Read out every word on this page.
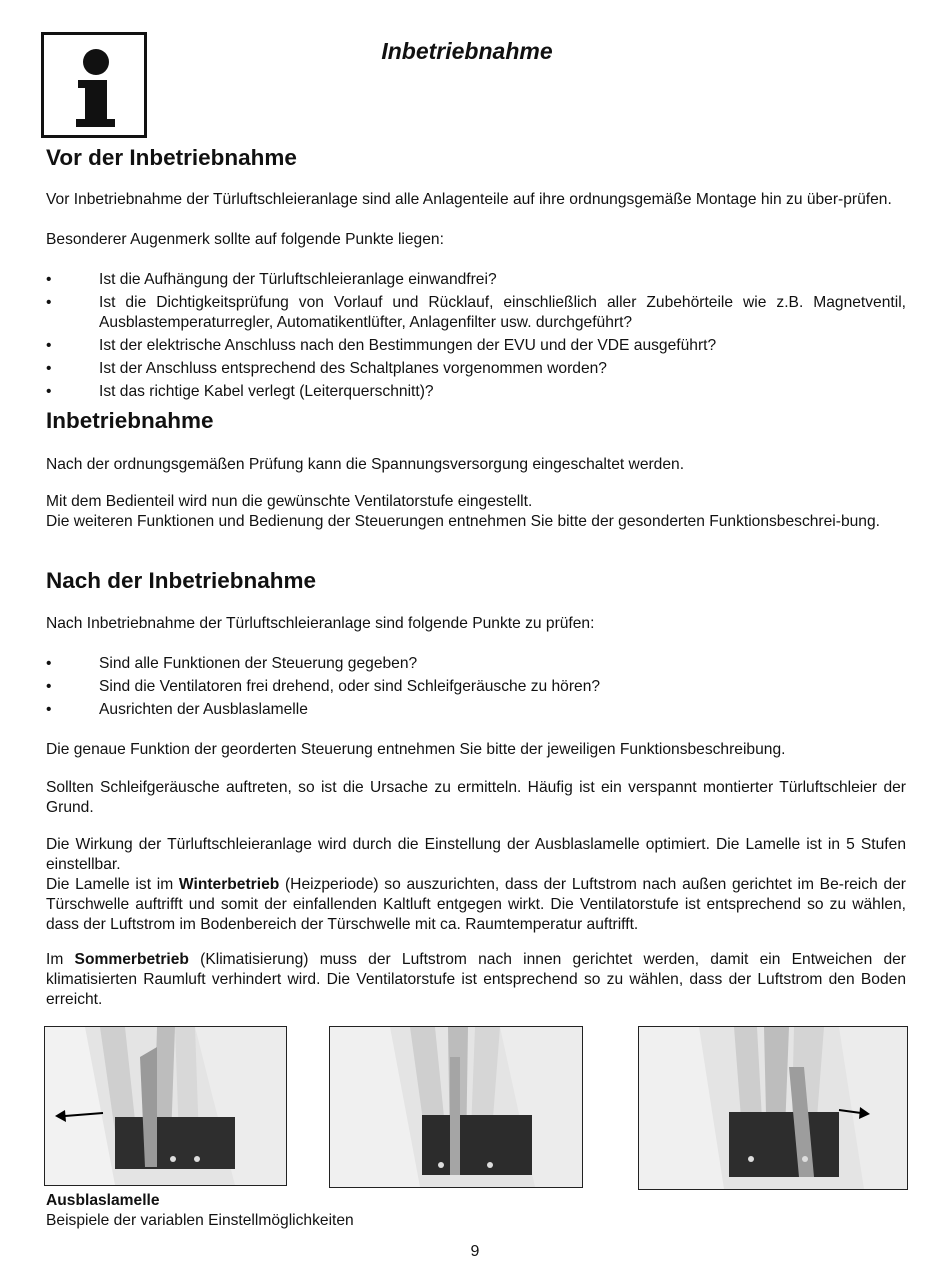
Inbetriebnahme
Vor der Inbetriebnahme
Vor Inbetriebnahme der Türluftschleieranlage sind alle Anlagenteile auf ihre ordnungsgemäße Montage hin zu über-prüfen.
Besonderer Augenmerk sollte auf folgende Punkte liegen:
•	Ist die Aufhängung der Türluftschleieranlage einwandfrei?
•	Ist die Dichtigkeitsprüfung von Vorlauf und Rücklauf, einschließlich aller Zubehörteile wie z.B. Magnetventil, Ausblastemperaturregler, Automatikentlüfter, Anlagenfilter usw. durchgeführt?
•	Ist der elektrische Anschluss nach den Bestimmungen der EVU und der VDE ausgeführt?
•	Ist der Anschluss entsprechend des Schaltplanes vorgenommen worden?
•	Ist das richtige Kabel verlegt (Leiterquerschnitt)?
Inbetriebnahme
Nach der ordnungsgemäßen Prüfung kann die Spannungsversorgung eingeschaltet werden.
Mit dem Bedienteil wird nun die gewünschte Ventilatorstufe eingestellt.
Die weiteren Funktionen und Bedienung der Steuerungen entnehmen Sie bitte der gesonderten Funktionsbeschrei-bung.
Nach der Inbetriebnahme
Nach Inbetriebnahme der Türluftschleieranlage sind folgende Punkte zu prüfen:
•	Sind alle Funktionen der Steuerung gegeben?
•	Sind die Ventilatoren frei drehend, oder sind Schleifgeräusche zu hören?
•	Ausrichten der Ausblaslamelle
Die genaue Funktion der georderten Steuerung entnehmen Sie bitte der jeweiligen Funktionsbeschreibung.
Sollten Schleifgeräusche auftreten, so ist die Ursache zu ermitteln. Häufig ist ein verspannt montierter Türluftschleier der Grund.
Die Wirkung der Türluftschleieranlage wird durch die Einstellung der Ausblaslamelle optimiert. Die Lamelle ist in 5 Stufen einstellbar.
Die Lamelle ist im Winterbetrieb (Heizperiode) so auszurichten, dass der Luftstrom nach außen gerichtet im Be-reich der Türschwelle auftrifft und somit der einfallenden Kaltluft entgegen wirkt. Die Ventilatorstufe ist entsprechend so zu wählen, dass der Luftstrom im Bodenbereich der Türschwelle mit ca. Raumtemperatur auftrifft.
Im Sommerbetrieb (Klimatisierung) muss der Luftstrom nach innen gerichtet werden, damit ein Entweichen der klimatisierten Raumluft verhindert wird. Die Ventilatorstufe ist entsprechend so zu wählen, dass der Luftstrom den Boden erreicht.
Ausblaslamelle
Beispiele der variablen Einstellmöglichkeiten
9
